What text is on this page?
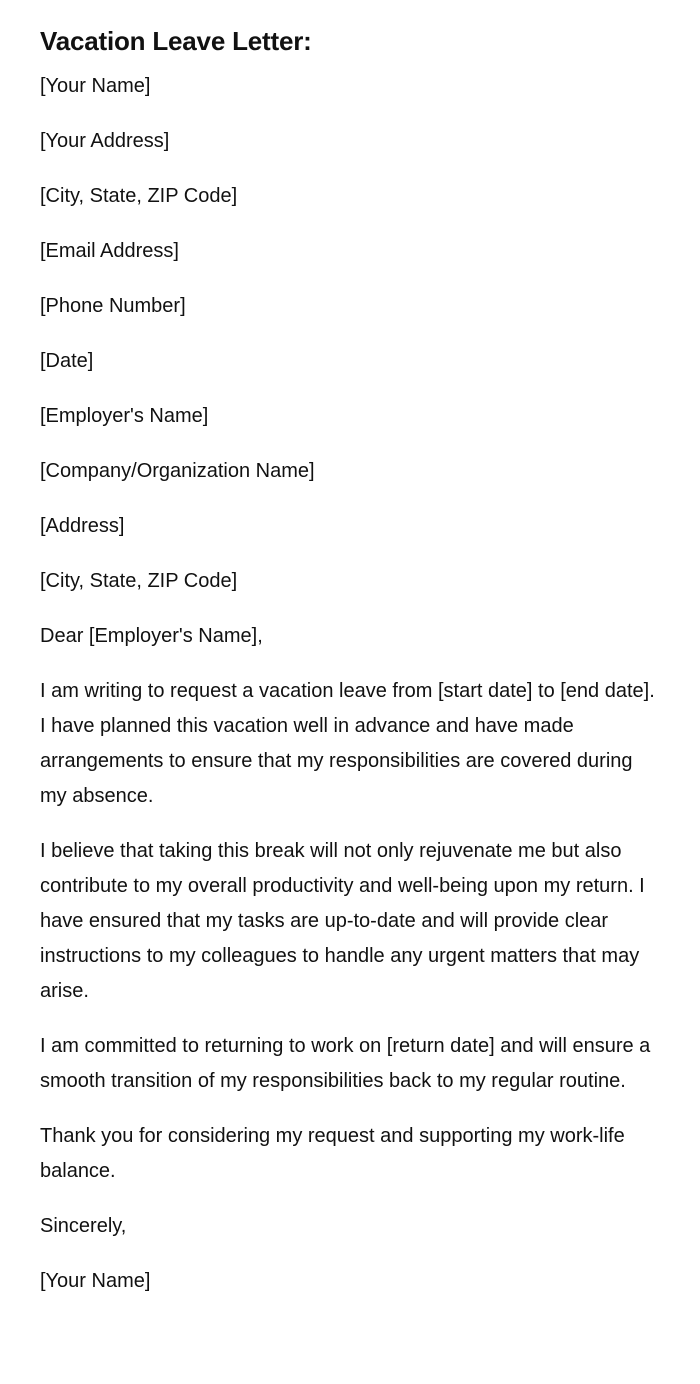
Vacation Leave Letter:

[Your Name]

[Your Address]

[City, State, ZIP Code]

[Email Address]

[Phone Number]

[Date]

[Employer's Name]

[Company/Organization Name]

[Address]

[City, State, ZIP Code]

Dear [Employer's Name],

I am writing to request a vacation leave from [start date] to [end date]. I have planned this vacation well in advance and have made arrangements to ensure that my responsibilities are covered during my absence.

I believe that taking this break will not only rejuvenate me but also contribute to my overall productivity and well-being upon my return. I have ensured that my tasks are up-to-date and will provide clear instructions to my colleagues to handle any urgent matters that may arise.

I am committed to returning to work on [return date] and will ensure a smooth transition of my responsibilities back to my regular routine.

Thank you for considering my request and supporting my work-life balance.

Sincerely,

[Your Name]
